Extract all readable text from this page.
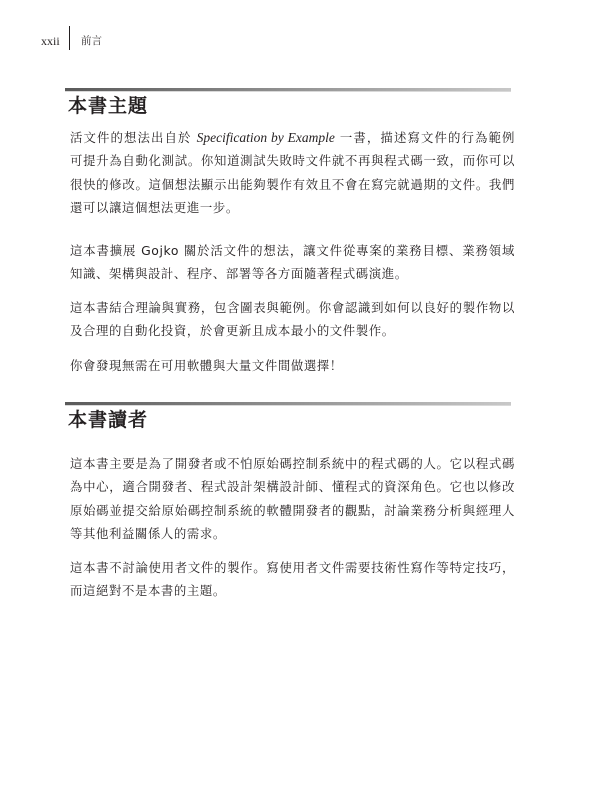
xxii 前言
本書主題

活文件的想法出自於 Specification by Example 一書，描述寫文件的行為範例可提升為自動化測試。你知道測試失敗時文件就不再與程式碼一致，而你可以很快的修改。這個想法顯示出能夠製作有效且不會在寫完就過期的文件。我們還可以讓這個想法更進一步。

這本書擴展 Gojko 關於活文件的想法，讓文件從專案的業務目標、業務領域知識、架構與設計、程序、部署等各方面隨著程式碼演進。

這本書結合理論與實務，包含圖表與範例。你會認識到如何以良好的製作物以及合理的自動化投資，於會更新且成本最小的文件製作。

你會發現無需在可用軟體與大量文件間做選擇！

本書讀者

這本書主要是為了開發者或不怕原始碼控制系統中的程式碼的人。它以程式碼為中心，適合開發者、程式設計架構設計師、懂程式的資深角色。它也以修改原始碼並提交給原始碼控制系統的軟體開發者的觀點，討論業務分析與經理人等其他利益關係人的需求。

這本書不討論使用者文件的製作。寫使用者文件需要技術性寫作等特定技巧，而這絕對不是本書的主題。
